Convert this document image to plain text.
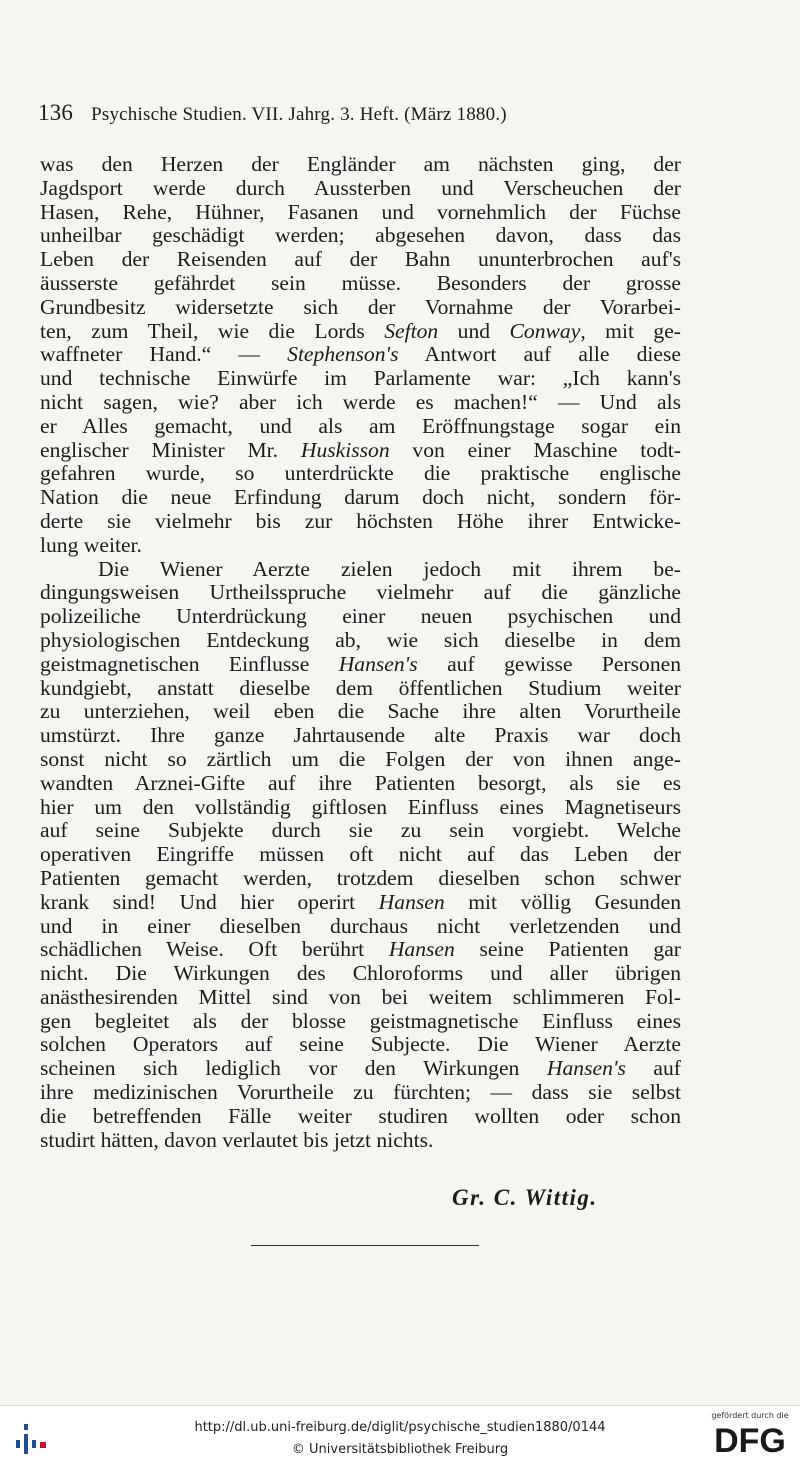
136 Psychische Studien. VII. Jahrg. 3. Heft. (März 1880.)
was den Herzen der Engländer am nächsten ging, der
Jagdsport werde durch Aussterben und Verscheuchen der
Hasen, Rehe, Hühner, Fasanen und vornehmlich der Füchse
unheilbar geschädigt werden; abgesehen davon, dass das
Leben der Reisenden auf der Bahn ununterbrochen auf's
äusserste gefährdet sein müsse. Besonders der grosse
Grundbesitz widersetzte sich der Vornahme der Vorarbei-
ten, zum Theil, wie die Lords Sefton und Conway, mit ge-
waffneter Hand.“ — Stephenson's Antwort auf alle diese
und technische Einwürfe im Parlamente war: „Ich kann's
nicht sagen, wie? aber ich werde es machen!“ — Und als
er Alles gemacht, und als am Eröffnungstage sogar ein
englischer Minister Mr. Huskisson von einer Maschine todt-
gefahren wurde, so unterdrückte die praktische englische
Nation die neue Erfindung darum doch nicht, sondern för-
derte sie vielmehr bis zur höchsten Höhe ihrer Entwicke-
lung weiter.
Die Wiener Aerzte zielen jedoch mit ihrem be-
dingungsweisen Urtheilsspruche vielmehr auf die gänzliche
polizeiliche Unterdrückung einer neuen psychischen und
physiologischen Entdeckung ab, wie sich dieselbe in dem
geistmagnetischen Einflusse Hansen's auf gewisse Personen
kundgiebt, anstatt dieselbe dem öffentlichen Studium weiter
zu unterziehen, weil eben die Sache ihre alten Vorurtheile
umstürzt. Ihre ganze Jahrtausende alte Praxis war doch
sonst nicht so zärtlich um die Folgen der von ihnen ange-
wandten Arznei-Gifte auf ihre Patienten besorgt, als sie es
hier um den vollständig giftlosen Einfluss eines Magnetiseurs
auf seine Subjekte durch sie zu sein vorgiebt. Welche
operativen Eingriffe müssen oft nicht auf das Leben der
Patienten gemacht werden, trotzdem dieselben schon schwer
krank sind! Und hier operirt Hansen mit völlig Gesunden
und in einer dieselben durchaus nicht verletzenden und
schädlichen Weise. Oft berührt Hansen seine Patienten gar
nicht. Die Wirkungen des Chloroforms und aller übrigen
anästhesirenden Mittel sind von bei weitem schlimmeren Fol-
gen begleitet als der blosse geistmagnetische Einfluss eines
solchen Operators auf seine Subjecte. Die Wiener Aerzte
scheinen sich lediglich vor den Wirkungen Hansen's auf
ihre medizinischen Vorurtheile zu fürchten; — dass sie selbst
die betreffenden Fälle weiter studiren wollten oder schon
studirt hätten, davon verlautet bis jetzt nichts.
Gr. C. Wittig.
http://dl.ub.uni-freiburg.de/diglit/psychische_studien1880/0144
© Universitätsbibliothek Freiburg
gefördert durch die
DFG
